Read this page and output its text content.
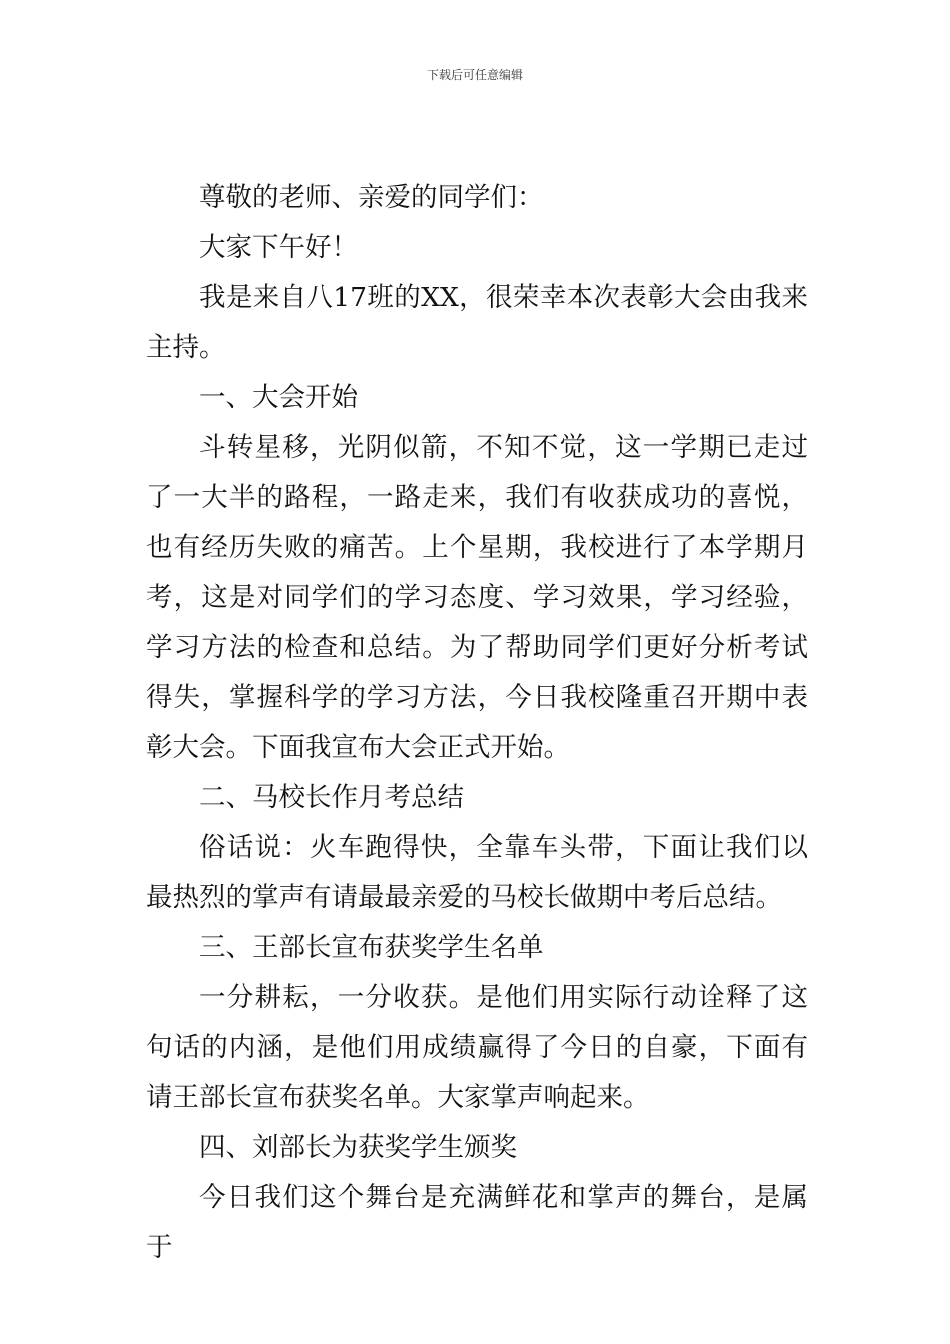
下载后可任意编辑

尊敬的老师、亲爱的同学们：

大家下午好！

我是来自八17班的XX，很荣幸本次表彰大会由我来主持。

一、大会开始

斗转星移，光阴似箭，不知不觉，这一学期已走过了一大半的路程，一路走来，我们有收获成功的喜悦，也有经历失败的痛苦。上个星期，我校进行了本学期月考，这是对同学们的学习态度、学习效果，学习经验，学习方法的检查和总结。为了帮助同学们更好分析考试得失，掌握科学的学习方法，今日我校隆重召开期中表彰大会。下面我宣布大会正式开始。

二、马校长作月考总结

俗话说：火车跑得快，全靠车头带，下面让我们以最热烈的掌声有请最最亲爱的马校长做期中考后总结。

三、王部长宣布获奖学生名单

一分耕耘，一分收获。是他们用实际行动诠释了这句话的内涵，是他们用成绩赢得了今日的自豪，下面有请王部长宣布获奖名单。大家掌声响起来。

四、刘部长为获奖学生颁奖

今日我们这个舞台是充满鲜花和掌声的舞台，是属于
